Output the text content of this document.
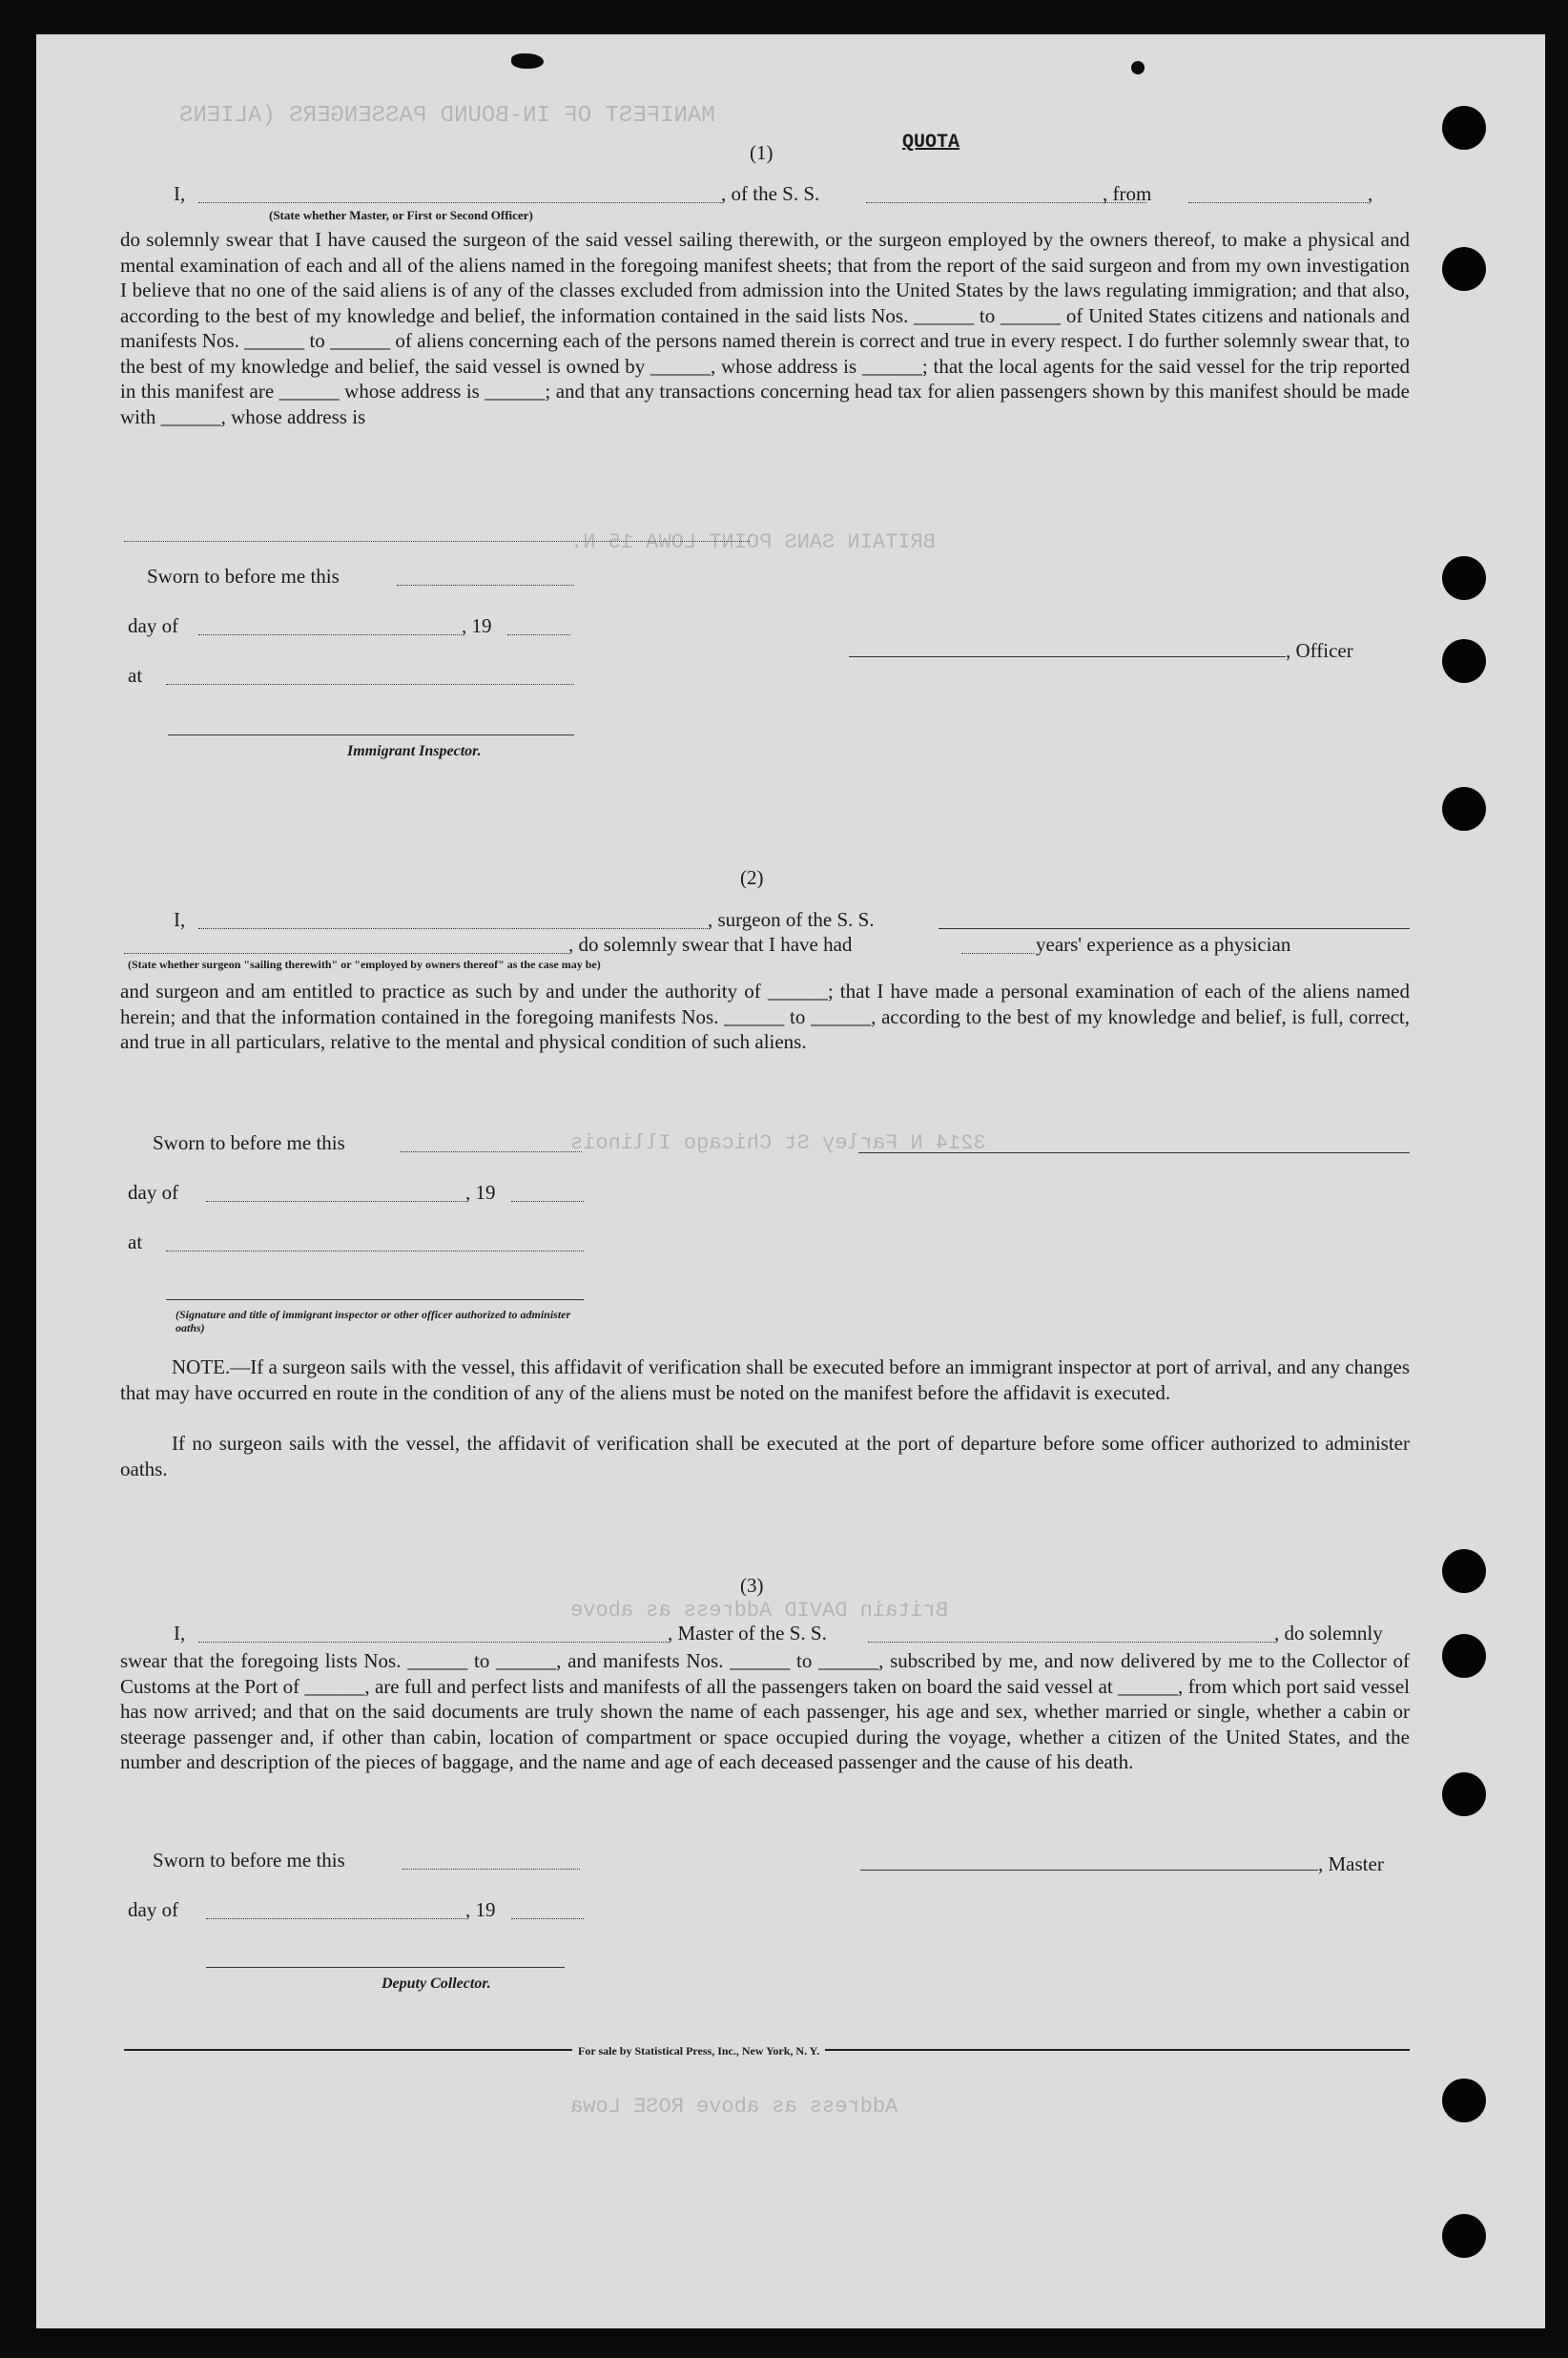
MANIFEST OF IN-BOUND PASSENGERS (ALIENS
BRITAIN SANS POINT LOWA 15 N.
3214 N Farley St Chicago Illinois
Britain DAVID Address as above
Address as above ROSE Lowa
QUOTA
(1)
I,	, of the S. S.	, from	,
(State whether Master, or First or Second Officer)
do solemnly swear that I have caused the surgeon of the said vessel sailing therewith, or the surgeon employed by the owners thereof, to make a physical and mental examination of each and all of the aliens named in the foregoing manifest sheets; that from the report of the said surgeon and from my own investigation I believe that no one of the said aliens is of any of the classes excluded from admission into the United States by the laws regulating immigration; and that also, according to the best of my knowledge and belief, the information contained in the said lists Nos. ______ to ______ of United States citizens and nationals and manifests Nos. ______ to ______ of aliens concerning each of the persons named therein is correct and true in every respect. I do further solemnly swear that, to the best of my knowledge and belief, the said vessel is owned by ______, whose address is ______; that the local agents for the said vessel for the trip reported in this manifest are ______ whose address is ______; and that any transactions concerning head tax for alien passengers shown by this manifest should be made with ______, whose address is
Sworn to before me this
day of	, 19
at
, Officer
Immigrant Inspector.
(2)
I,	, surgeon of the S. S.
, do solemnly swear that I have had	years' experience as a physician
(State whether surgeon "sailing therewith" or "employed by owners thereof" as the case may be)
and surgeon and am entitled to practice as such by and under the authority of ______; that I have made a personal examination of each of the aliens named herein; and that the information contained in the foregoing manifests Nos. ______ to ______, according to the best of my knowledge and belief, is full, correct, and true in all particulars, relative to the mental and physical condition of such aliens.
Sworn to before me this
day of	, 19
at
(Signature and title of immigrant inspector or other officer authorized to administer oaths)
NOTE.—If a surgeon sails with the vessel, this affidavit of verification shall be executed before an immigrant inspector at port of arrival, and any changes that may have occurred en route in the condition of any of the aliens must be noted on the manifest before the affidavit is executed.
If no surgeon sails with the vessel, the affidavit of verification shall be executed at the port of departure before some officer authorized to administer oaths.
(3)
I,	, Master of the S. S.	, do solemnly
swear that the foregoing lists Nos. ______ to ______, and manifests Nos. ______ to ______, subscribed by me, and now delivered by me to the Collector of Customs at the Port of ______, are full and perfect lists and manifests of all the passengers taken on board the said vessel at ______, from which port said vessel has now arrived; and that on the said documents are truly shown the name of each passenger, his age and sex, whether married or single, whether a cabin or steerage passenger and, if other than cabin, location of compartment or space occupied during the voyage, whether a citizen of the United States, and the number and description of the pieces of baggage, and the name and age of each deceased passenger and the cause of his death.
Sworn to before me this	, Master
day of	, 19
Deputy Collector.
For sale by Statistical Press, Inc., New York, N. Y.
